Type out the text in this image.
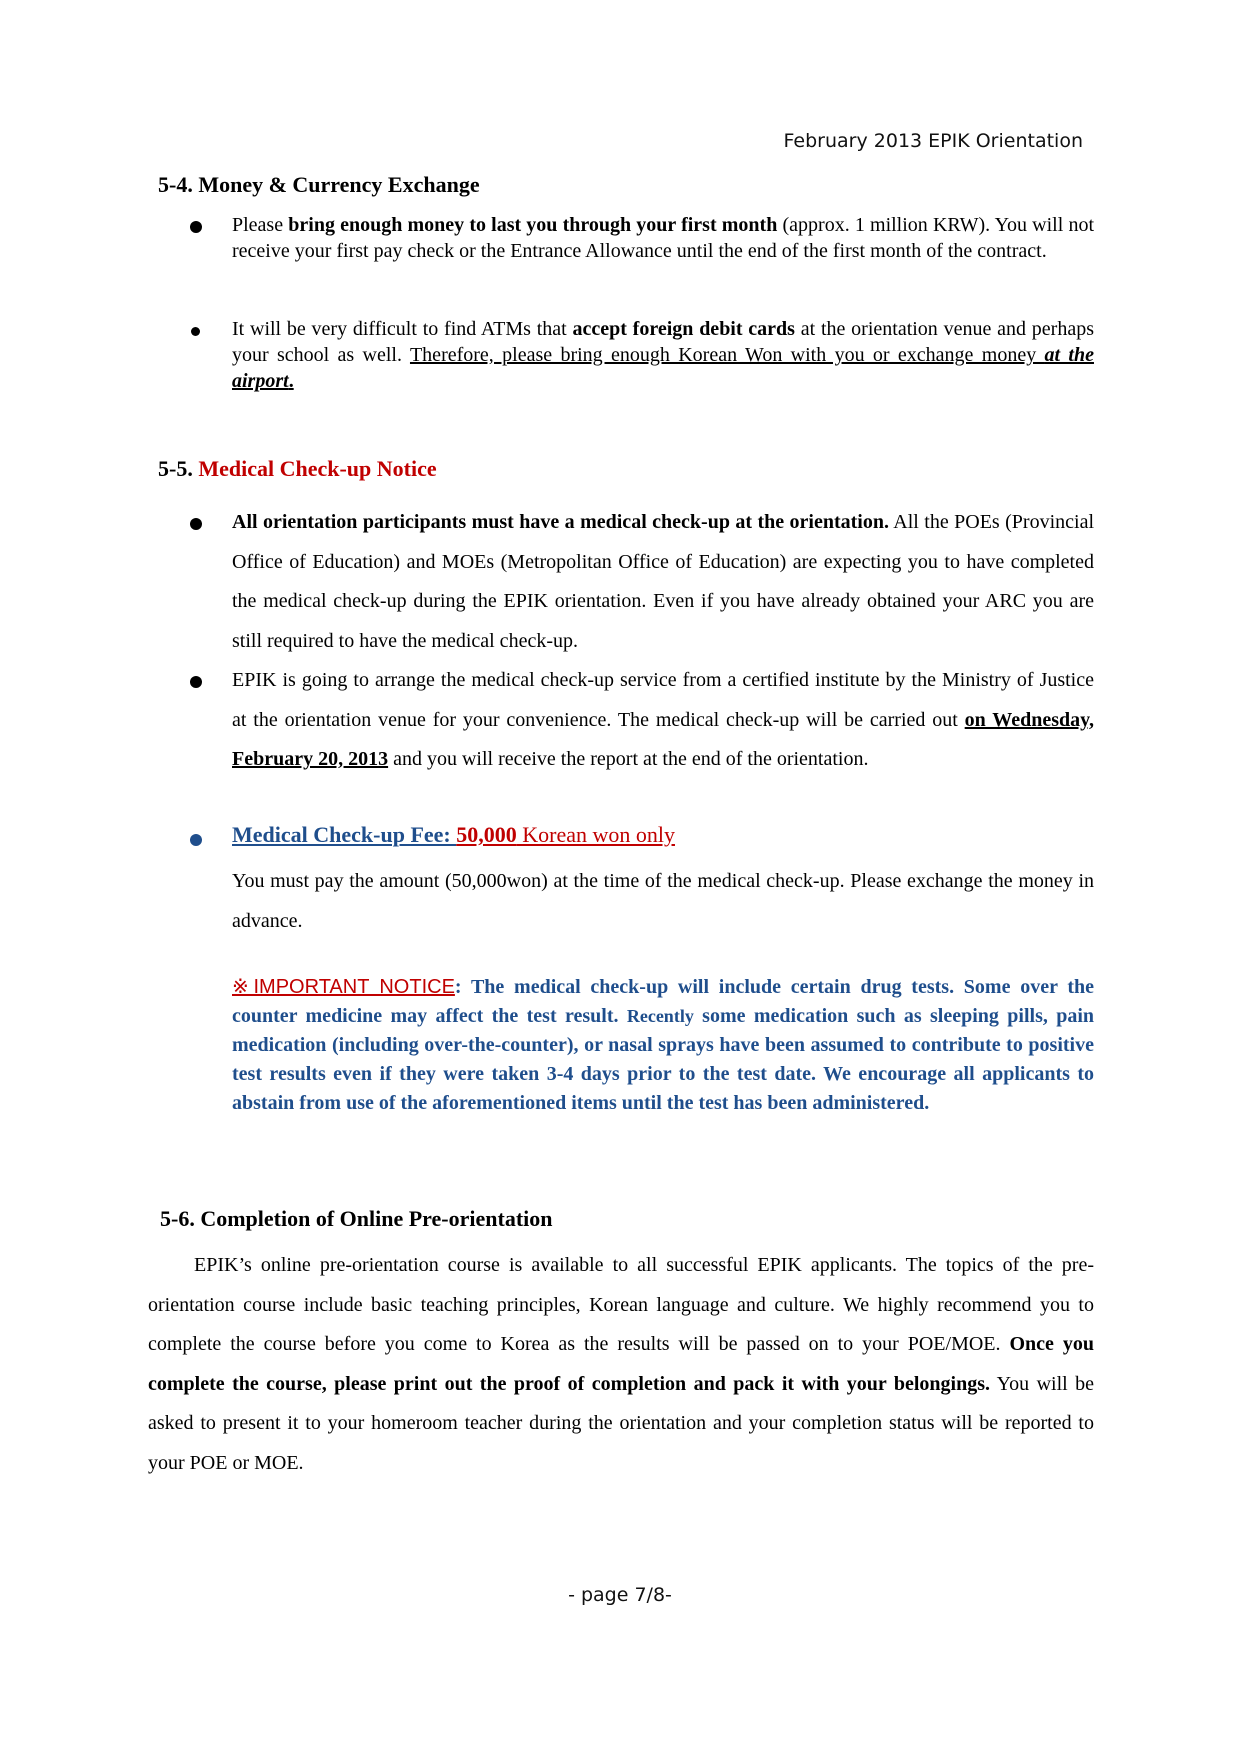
February 2013 EPIK Orientation
5-4. Money & Currency Exchange
Please bring enough money to last you through your first month (approx. 1 million KRW). You will not receive your first pay check or the Entrance Allowance until the end of the first month of the contract.
It will be very difficult to find ATMs that accept foreign debit cards at the orientation venue and perhaps your school as well. Therefore, please bring enough Korean Won with you or exchange money at the airport.
5-5. Medical Check-up Notice
All orientation participants must have a medical check-up at the orientation. All the POEs (Provincial Office of Education) and MOEs (Metropolitan Office of Education) are expecting you to have completed the medical check-up during the EPIK orientation. Even if you have already obtained your ARC you are still required to have the medical check-up.
EPIK is going to arrange the medical check-up service from a certified institute by the Ministry of Justice at the orientation venue for your convenience. The medical check-up will be carried out on Wednesday, February 20, 2013 and you will receive the report at the end of the orientation.
Medical Check-up Fee: 50,000 Korean won only
You must pay the amount (50,000won) at the time of the medical check-up. Please exchange the money in advance.
※IMPORTANT NOTICE: The medical check-up will include certain drug tests. Some over the counter medicine may affect the test result. Recently some medication such as sleeping pills, pain medication (including over-the-counter), or nasal sprays have been assumed to contribute to positive test results even if they were taken 3-4 days prior to the test date. We encourage all applicants to abstain from use of the aforementioned items until the test has been administered.
5-6. Completion of Online Pre-orientation
EPIK’s online pre-orientation course is available to all successful EPIK applicants. The topics of the pre-orientation course include basic teaching principles, Korean language and culture. We highly recommend you to complete the course before you come to Korea as the results will be passed on to your POE/MOE. Once you complete the course, please print out the proof of completion and pack it with your belongings. You will be asked to present it to your homeroom teacher during the orientation and your completion status will be reported to your POE or MOE.
- page 7/8-
